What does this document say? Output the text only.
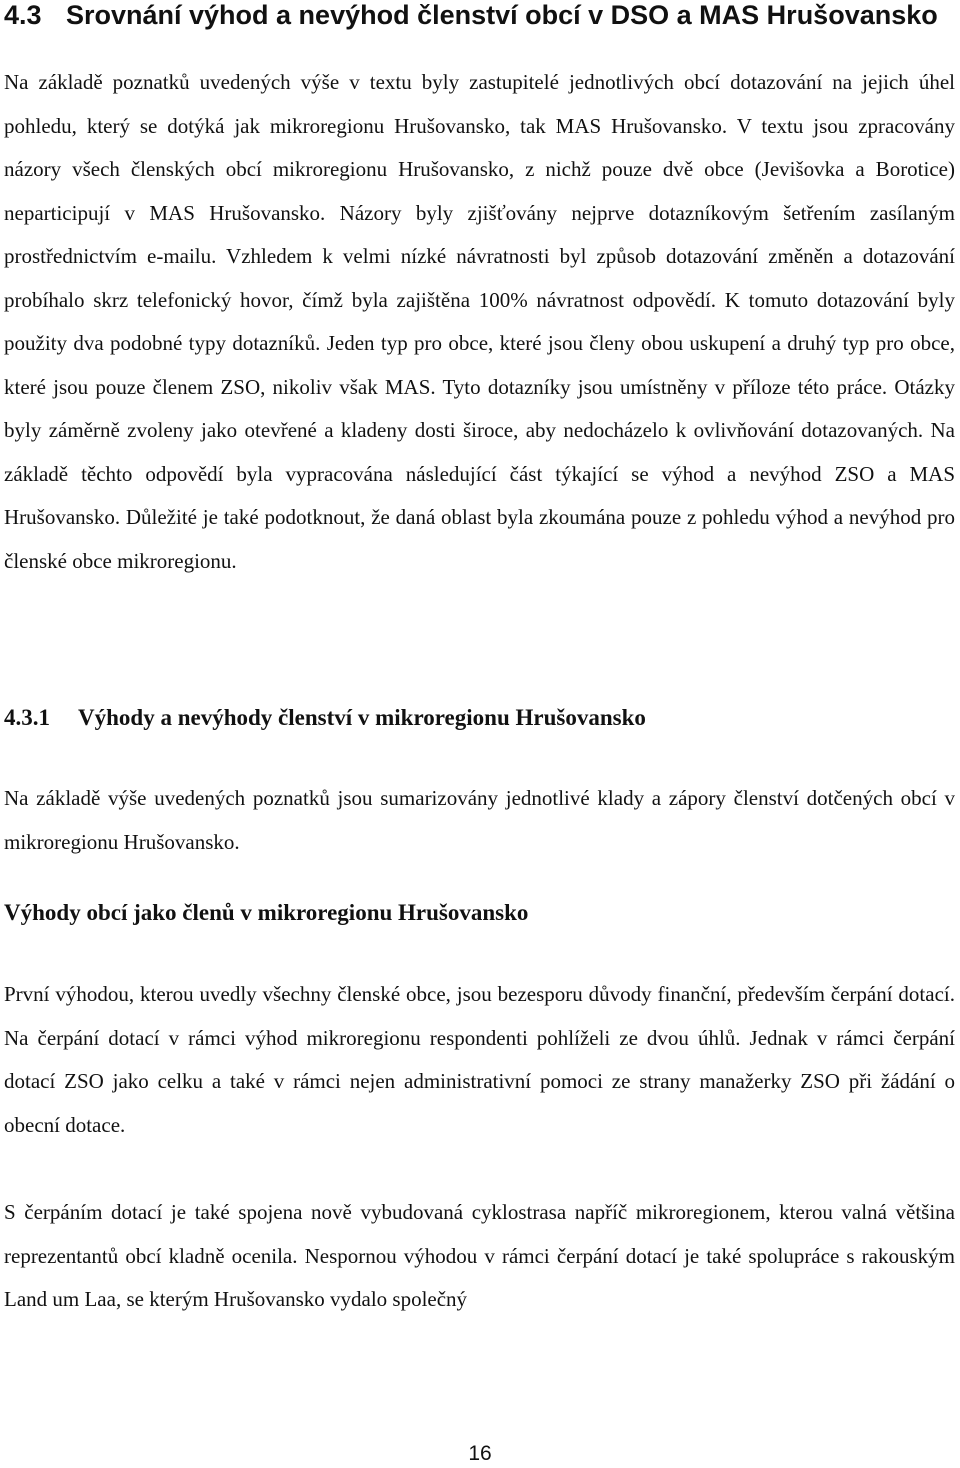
4.3 Srovnání výhod a nevýhod členství obcí v DSO a MAS Hrušovansko

Na základě poznatků uvedených výše v textu byly zastupitelé jednotlivých obcí dotazování na jejich úhel pohledu, který se dotýká jak mikroregionu Hrušovansko, tak MAS Hrušovansko. V textu jsou zpracovány názory všech členských obcí mikroregionu Hrušovansko, z nichž pouze dvě obce (Jevišovka a Borotice) neparticipují v MAS Hrušovansko. Názory byly zjišťovány nejprve dotazníkovým šetřením zasílaným prostřednictvím e-mailu. Vzhledem k velmi nízké návratnosti byl způsob dotazování změněn a dotazování probíhalo skrz telefonický hovor, čímž byla zajištěna 100% návratnost odpovědí. K tomuto dotazování byly použity dva podobné typy dotazníků. Jeden typ pro obce, které jsou členy obou uskupení a druhý typ pro obce, které jsou pouze členem ZSO, nikoliv však MAS. Tyto dotazníky jsou umístněny v příloze této práce. Otázky byly záměrně zvoleny jako otevřené a kladeny dosti široce, aby nedocházelo k ovlivňování dotazovaných. Na základě těchto odpovědí byla vypracována následující část týkající se výhod a nevýhod ZSO a MAS Hrušovansko. Důležité je také podotknout, že daná oblast byla zkoumána pouze z pohledu výhod a nevýhod pro členské obce mikroregionu.

4.3.1 Výhody a nevýhody členství v mikroregionu Hrušovansko

Na základě výše uvedených poznatků jsou sumarizovány jednotlivé klady a zápory členství dotčených obcí v mikroregionu Hrušovansko.

Výhody obcí jako členů v mikroregionu Hrušovansko

První výhodou, kterou uvedly všechny členské obce, jsou bezesporu důvody finanční, především čerpání dotací. Na čerpání dotací v rámci výhod mikroregionu respondenti pohlíželi ze dvou úhlů. Jednak v rámci čerpání dotací ZSO jako celku a také v rámci nejen administrativní pomoci ze strany manažerky ZSO při žádání o obecní dotace.

S čerpáním dotací je také spojena nově vybudovaná cyklostrasa napříč mikroregionem, kterou valná většina reprezentantů obcí kladně ocenila. Nespornou výhodou v rámci čerpání dotací je také spolupráce s rakouským Land um Laa, se kterým Hrušovansko vydalo společný

16
